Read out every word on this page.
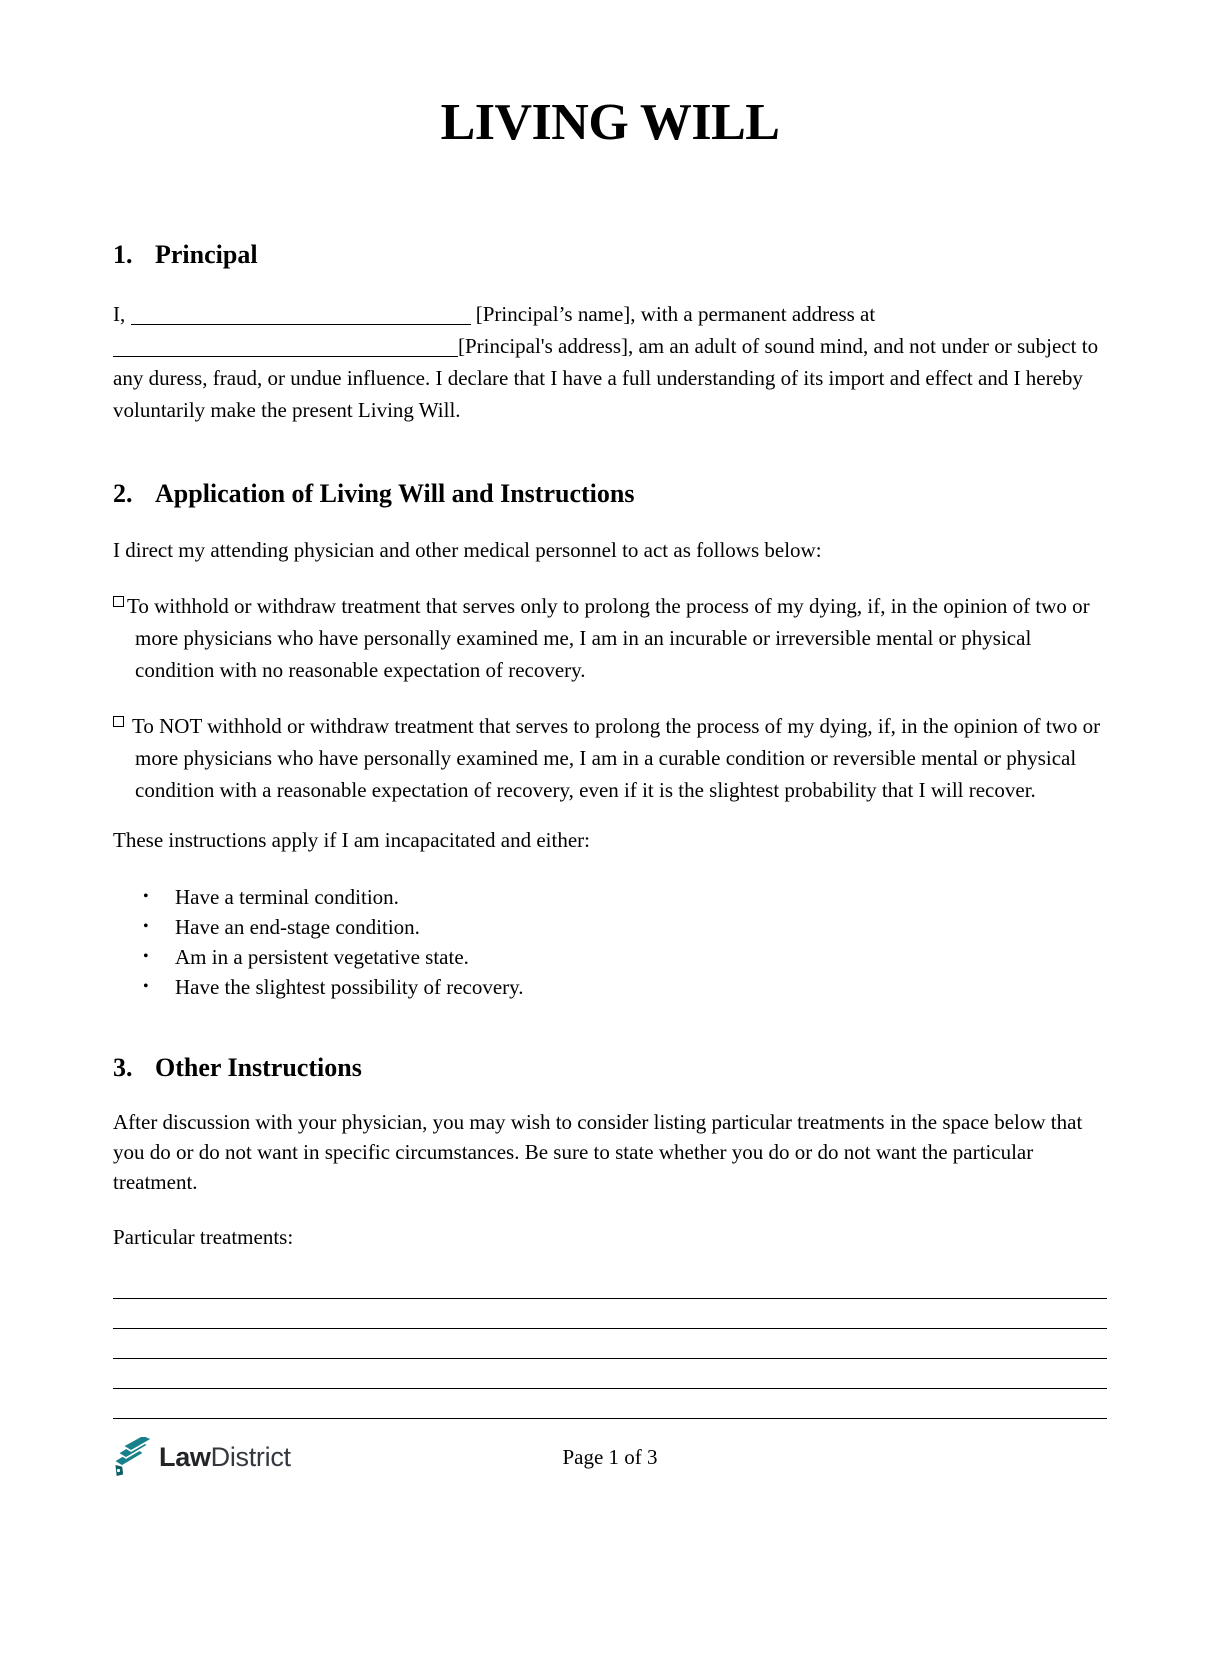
LIVING WILL
1. Principal

I,	[Principal’s name], with a permanent address at [Principal's address], am an adult of sound mind, and not under or subject to any duress, fraud, or undue influence. I declare that I have a full understanding of its import and effect and I hereby voluntarily make the present Living Will.

2. Application of Living Will and Instructions

I direct my attending physician and other medical personnel to act as follows below:

To withhold or withdraw treatment that serves only to prolong the process of my dying, if, in the opinion of two or more physicians who have personally examined me, I am in an incurable or irreversible mental or physical condition with no reasonable expectation of recovery.

To NOT withhold or withdraw treatment that serves to prolong the process of my dying, if, in the opinion of two or more physicians who have personally examined me, I am in a curable condition or reversible mental or physical condition with a reasonable expectation of recovery, even if it is the slightest probability that I will recover.

These instructions apply if I am incapacitated and either:

• Have a terminal condition.
• Have an end-stage condition.
• Am in a persistent vegetative state.
• Have the slightest possibility of recovery.
3. Other Instructions

After discussion with your physician, you may wish to consider listing particular treatments in the space below that you do or do not want in specific circumstances. Be sure to state whether you do or do not want the particular treatment.

Particular treatments:

LawDistrict	Page 1 of 3
